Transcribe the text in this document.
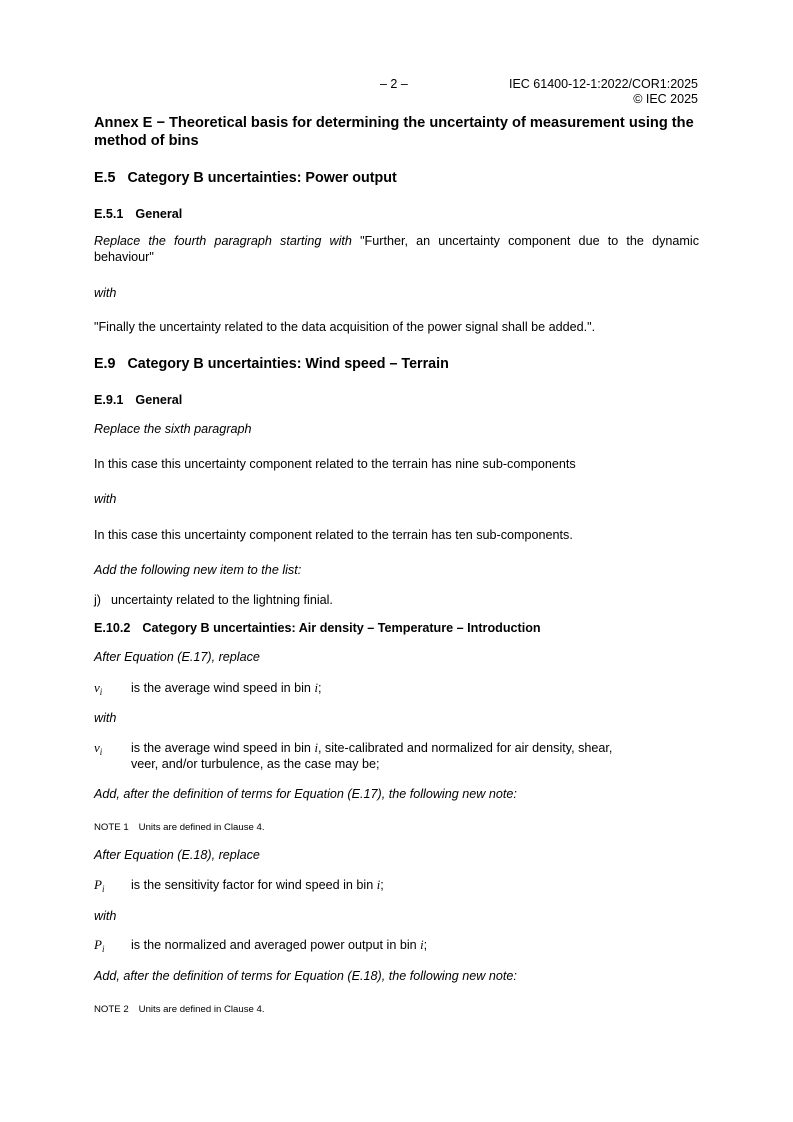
– 2 –	IEC 61400-12-1:2022/COR1:2025
© IEC 2025
Annex E − Theoretical basis for determining the uncertainty of measurement using the method of bins
E.5 Category B uncertainties: Power output
E.5.1 General
Replace the fourth paragraph starting with "Further, an uncertainty component due to the dynamic behaviour"
with
"Finally the uncertainty related to the data acquisition of the power signal shall be added.".
E.9 Category B uncertainties: Wind speed – Terrain
E.9.1 General
Replace the sixth paragraph
In this case this uncertainty component related to the terrain has nine sub-components
with
In this case this uncertainty component related to the terrain has ten sub-components.
Add the following new item to the list:
j) uncertainty related to the lightning finial.
E.10.2 Category B uncertainties: Air density – Temperature – Introduction
After Equation (E.17), replace
$v_i$ is the average wind speed in bin i;
with
$v_i$ is the average wind speed in bin i, site-calibrated and normalized for air density, shear,
veer, and/or turbulence, as the case may be;
Add, after the definition of terms for Equation (E.17), the following new note:
NOTE 1 Units are defined in Clause 4.
After Equation (E.18), replace
$P_i$ is the sensitivity factor for wind speed in bin i;
with
$P_i$ is the normalized and averaged power output in bin i;
Add, after the definition of terms for Equation (E.18), the following new note:
NOTE 2 Units are defined in Clause 4.
